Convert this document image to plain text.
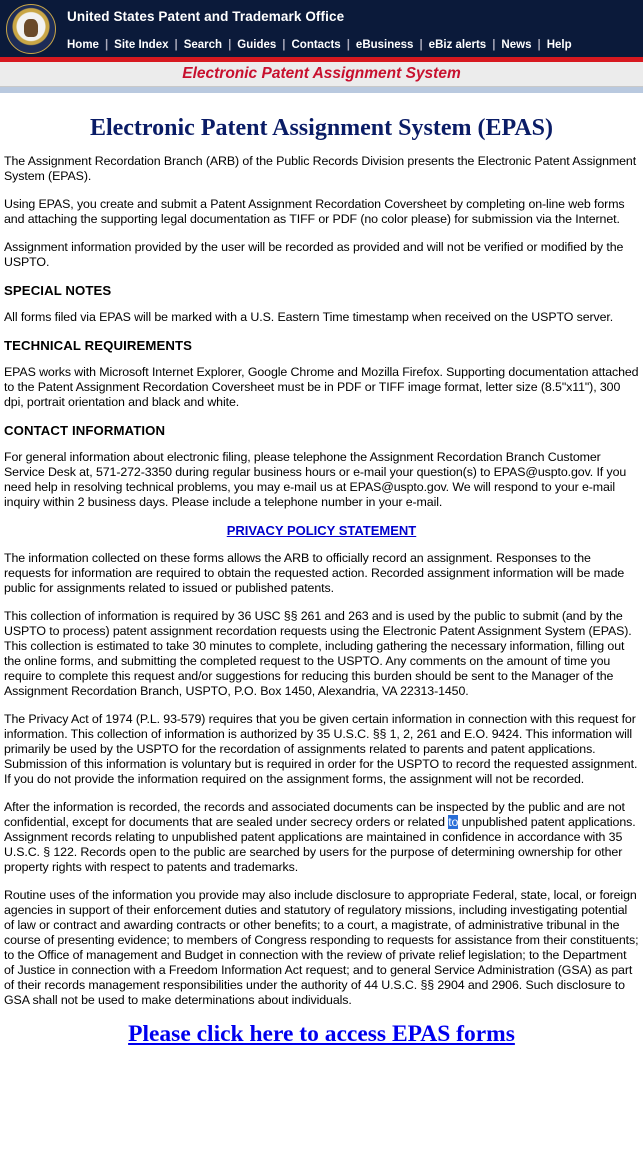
United States Patent and Trademark Office
Home | Site Index | Search | Guides | Contacts | eBusiness | eBiz alerts | News | Help
Electronic Patent Assignment System
Electronic Patent Assignment System (EPAS)

The Assignment Recordation Branch (ARB) of the Public Records Division presents the Electronic Patent Assignment System (EPAS).

Using EPAS, you create and submit a Patent Assignment Recordation Coversheet by completing on-line web forms and attaching the supporting legal documentation as TIFF or PDF (no color please) for submission via the Internet.

Assignment information provided by the user will be recorded as provided and will not be verified or modified by the USPTO.

SPECIAL NOTES

All forms filed via EPAS will be marked with a U.S. Eastern Time timestamp when received on the USPTO server.

TECHNICAL REQUIREMENTS

EPAS works with Microsoft Internet Explorer, Google Chrome and Mozilla Firefox. Supporting documentation attached to the Patent Assignment Recordation Coversheet must be in PDF or TIFF image format, letter size (8.5"x11"), 300 dpi, portrait orientation and black and white.

CONTACT INFORMATION

For general information about electronic filing, please telephone the Assignment Recordation Branch Customer Service Desk at, 571-272-3350 during regular business hours or e-mail your question(s) to EPAS@uspto.gov. If you need help in resolving technical problems, you may e-mail us at EPAS@uspto.gov. We will respond to your e-mail inquiry within 2 business days. Please include a telephone number in your e-mail.

PRIVACY POLICY STATEMENT

The information collected on these forms allows the ARB to officially record an assignment. Responses to the requests for information are required to obtain the requested action. Recorded assignment information will be made public for assignments related to issued or published patents.

This collection of information is required by 36 USC §§ 261 and 263 and is used by the public to submit (and by the USPTO to process) patent assignment recordation requests using the Electronic Patent Assignment System (EPAS). This collection is estimated to take 30 minutes to complete, including gathering the necessary information, filling out the online forms, and submitting the completed request to the USPTO. Any comments on the amount of time you require to complete this request and/or suggestions for reducing this burden should be sent to the Manager of the Assignment Recordation Branch, USPTO, P.O. Box 1450, Alexandria, VA 22313-1450.

The Privacy Act of 1974 (P.L. 93-579) requires that you be given certain information in connection with this request for information. This collection of information is authorized by 35 U.S.C. §§ 1, 2, 261 and E.O. 9424. This information will primarily be used by the USPTO for the recordation of assignments related to parents and patent applications. Submission of this information is voluntary but is required in order for the USPTO to record the requested assignment. If you do not provide the information required on the assignment forms, the assignment will not be recorded.

After the information is recorded, the records and associated documents can be inspected by the public and are not confidential, except for documents that are sealed under secrecy orders or related to unpublished patent applications. Assignment records relating to unpublished patent applications are maintained in confidence in accordance with 35 U.S.C. § 122. Records open to the public are searched by users for the purpose of determining ownership for other property rights with respect to patents and trademarks.

Routine uses of the information you provide may also include disclosure to appropriate Federal, state, local, or foreign agencies in support of their enforcement duties and statutory of regulatory missions, including investigating potential of law or contract and awarding contracts or other benefits; to a court, a magistrate, of administrative tribunal in the course of presenting evidence; to members of Congress responding to requests for assistance from their constituents; to the Office of management and Budget in connection with the review of private relief legislation; to the Department of Justice in connection with a Freedom Information Act request; and to general Service Administration (GSA) as part of their records management responsibilities under the authority of 44 U.S.C. §§ 2904 and 2906. Such disclosure to GSA shall not be used to make determinations about individuals.

Please click here to access EPAS forms
